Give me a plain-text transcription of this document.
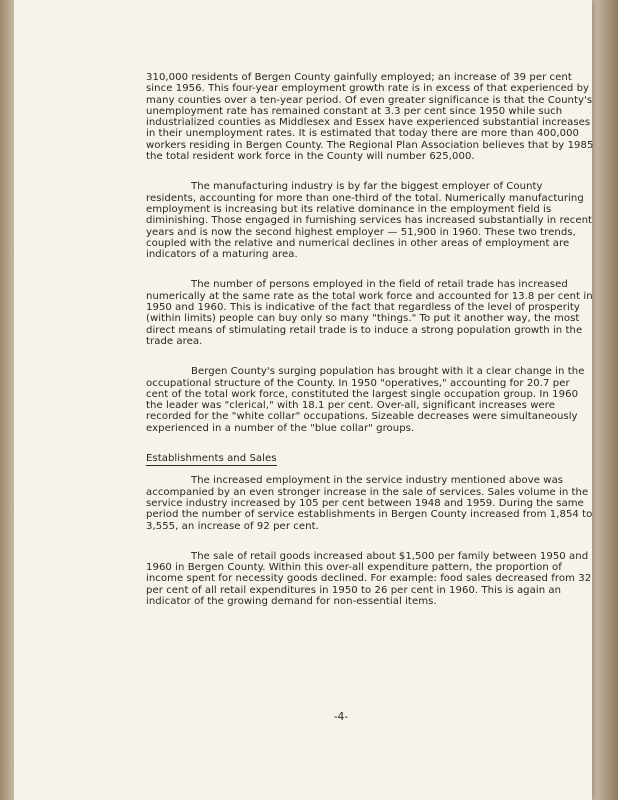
310,000 residents of Bergen County gainfully employed; an increase of 39 per cent since 1956. This four-year employment growth rate is in excess of that experienced by many counties over a ten-year period. Of even greater significance is that the County's unemployment rate has remained constant at 3.3 per cent since 1950 while such industrialized counties as Middlesex and Essex have experienced substantial increases in their unemployment rates. It is estimated that today there are more than 400,000 workers residing in Bergen County. The Regional Plan Association believes that by 1985 the total resident work force in the County will number 625,000.

The manufacturing industry is by far the biggest employer of County residents, accounting for more than one-third of the total. Numerically manufacturing employment is increasing but its relative dominance in the employment field is diminishing. Those engaged in furnishing services has increased substantially in recent years and is now the second highest employer — 51,900 in 1960. These two trends, coupled with the relative and numerical declines in other areas of employment are indicators of a maturing area.

The number of persons employed in the field of retail trade has increased numerically at the same rate as the total work force and accounted for 13.8 per cent in 1950 and 1960. This is indicative of the fact that regardless of the level of prosperity (within limits) people can buy only so many "things." To put it another way, the most direct means of stimulating retail trade is to induce a strong population growth in the trade area.

Bergen County's surging population has brought with it a clear change in the occupational structure of the County. In 1950 "operatives," accounting for 20.7 per cent of the total work force, constituted the largest single occupation group. In 1960 the leader was "clerical," with 18.1 per cent. Over-all, significant increases were recorded for the "white collar" occupations. Sizeable decreases were simultaneously experienced in a number of the "blue collar" groups.

Establishments and Sales

The increased employment in the service industry mentioned above was accompanied by an even stronger increase in the sale of services. Sales volume in the service industry increased by 105 per cent between 1948 and 1959. During the same period the number of service establishments in Bergen County increased from 1,854 to 3,555, an increase of 92 per cent.

The sale of retail goods increased about $1,500 per family between 1950 and 1960 in Bergen County. Within this over-all expenditure pattern, the proportion of income spent for necessity goods declined. For example: food sales decreased from 32 per cent of all retail expenditures in 1950 to 26 per cent in 1960. This is again an indicator of the growing demand for non-essential items.

-4-
